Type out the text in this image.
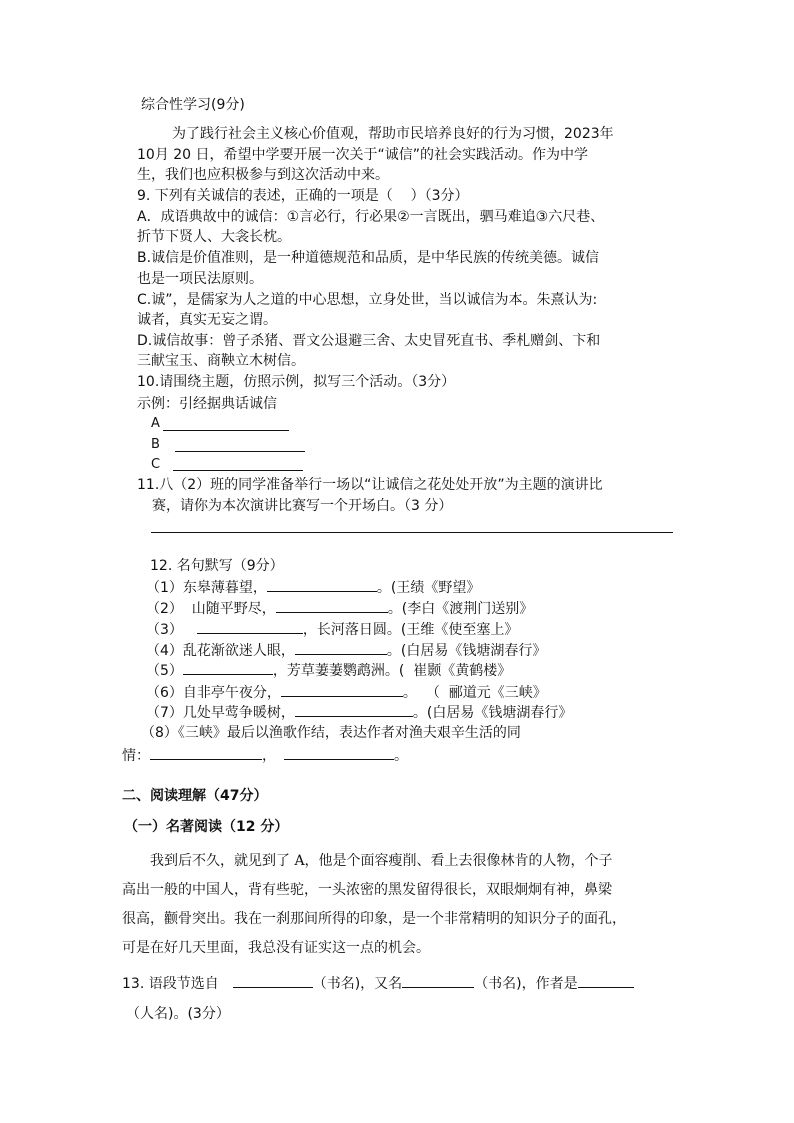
综合性学习(9分)
为了践行社会主义核心价值观，帮助市民培养良好的行为习惯，2023年
10月 20 日，希望中学要开展一次关于“诚信”的社会实践活动。作为中学
生，我们也应积极参与到这次活动中来。
9. 下列有关诚信的表述，正确的一项是（    ）（3分）
A．成语典故中的诚信：①言必行，行必果②一言既出，驷马难追③六尺巷、
折节下贤人、大衾长枕。
B.诚信是价值准则，是一种道德规范和品质，是中华民族的传统美德。诚信
也是一项民法原则。
C.诚”，是儒家为人之道的中心思想，立身处世，当以诚信为本。朱熹认为:
诚者，真实无妄之谓。
D.诚信故事：曾子杀猪、晋文公退避三舍、太史冒死直书、季札赠剑、卞和
三献宝玉、商鞅立木树信。
10.请围绕主题，仿照示例，拟写三个活动。（3分）
示例：引经据典话诚信
A
B
C
11.八（2）班的同学准备举行一场以“让诚信之花处处开放”为主题的演讲比
赛，请你为本次演讲比赛写一个开场白。（3 分）
12. 名句默写（9分）
（1）东皋薄暮望，	。(王绩《野望》
（2）  山随平野尽，	。(李白《渡荆门送别》
（3）	，长河落日圆。(王维《使至塞上》
（4）乱花渐欲迷人眼，	。(白居易《钱塘湖春行》
（5）	，芳草萋萋鹦鹉洲。(  崔颢《黄鹤楼》
（6）自非亭午夜分，	。  （  郦道元《三峡》
（7）几处早莺争暖树，	。(白居易《钱塘湖春行》
（8）《三峡》最后以渔歌作结，表达作者对渔夫艰辛生活的同
情：	，	。
二、阅读理解（47分）
（一）名著阅读（12 分）
我到后不久，就见到了 A，他是个面容瘦削、看上去很像林肯的人物，个子
高出一般的中国人，背有些驼，一头浓密的黑发留得很长，双眼炯炯有神，鼻梁
很高，颧骨突出。我在一刹那间所得的印象，是一个非常精明的知识分子的面孔，
可是在好几天里面，我总没有证实这一点的机会。
13. 语段节选自	（书名)，又名	（书名)，作者是
（人名)。(3分）
